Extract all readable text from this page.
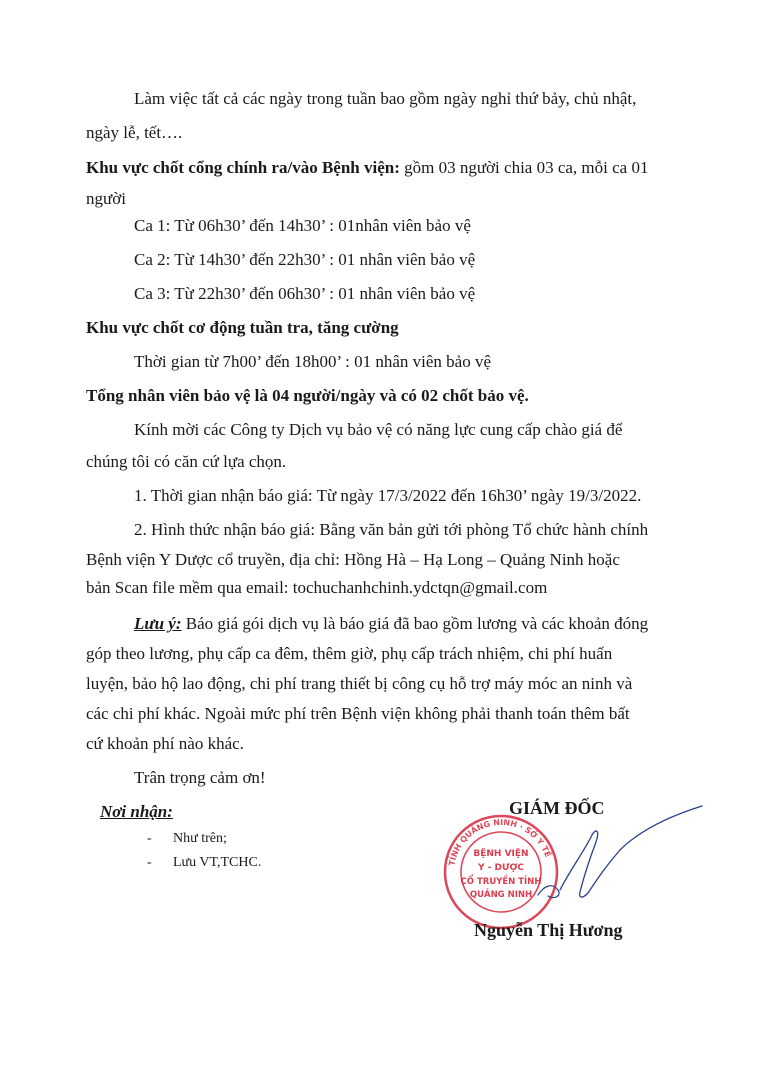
Làm việc tất cả các ngày trong tuần bao gồm ngày nghỉ thứ bảy, chủ nhật,
ngày lễ, tết….
Khu vực chốt cổng chính ra/vào Bệnh viện: gồm 03 người chia 03 ca, mỗi ca 01
người
Ca 1: Từ 06h30’ đến 14h30’ : 01nhân viên bảo vệ
Ca 2: Từ 14h30’ đến 22h30’ : 01 nhân viên bảo vệ
Ca 3: Từ 22h30’ đến 06h30’ : 01 nhân viên bảo vệ
Khu vực chốt cơ động tuần tra, tăng cường
Thời gian từ 7h00’ đến 18h00’ : 01 nhân viên bảo vệ
Tổng nhân viên bảo vệ là 04 người/ngày và có 02 chốt bảo vệ.
Kính mời các Công ty Dịch vụ bảo vệ có năng lực cung cấp chào giá để
chúng tôi có căn cứ lựa chọn.
1. Thời gian nhận báo giá: Từ ngày 17/3/2022 đến 16h30’ ngày 19/3/2022.
2. Hình thức nhận báo giá: Bằng văn bản gửi tới phòng Tổ chức hành chính
Bệnh viện Y Dược cổ truyền, địa chỉ: Hồng Hà – Hạ Long – Quảng Ninh hoặc
bản Scan file mềm qua email: tochuchanhchinh.ydctqn@gmail.com
Lưu ý: Báo giá gói dịch vụ là báo giá đã bao gồm lương và các khoản đóng
góp theo lương, phụ cấp ca đêm, thêm giờ, phụ cấp trách nhiệm, chi phí huấn
luyện, bảo hộ lao động, chi phí trang thiết bị công cụ hỗ trợ máy móc an ninh và
các chi phí khác. Ngoài mức phí trên Bệnh viện không phải thanh toán thêm bất
cứ khoản phí nào khác.
Trân trọng cảm ơn!
Nơi nhận:
- Như trên;
- Lưu VT,TCHC.
GIÁM ĐỐC
TỈNH QUẢNG NINH · SỞ Y TẾ
BỆNH VIỆN
Y - DƯỢC
CỔ TRUYỀN TỈNH
QUẢNG NINH
Nguyễn Thị Hương
